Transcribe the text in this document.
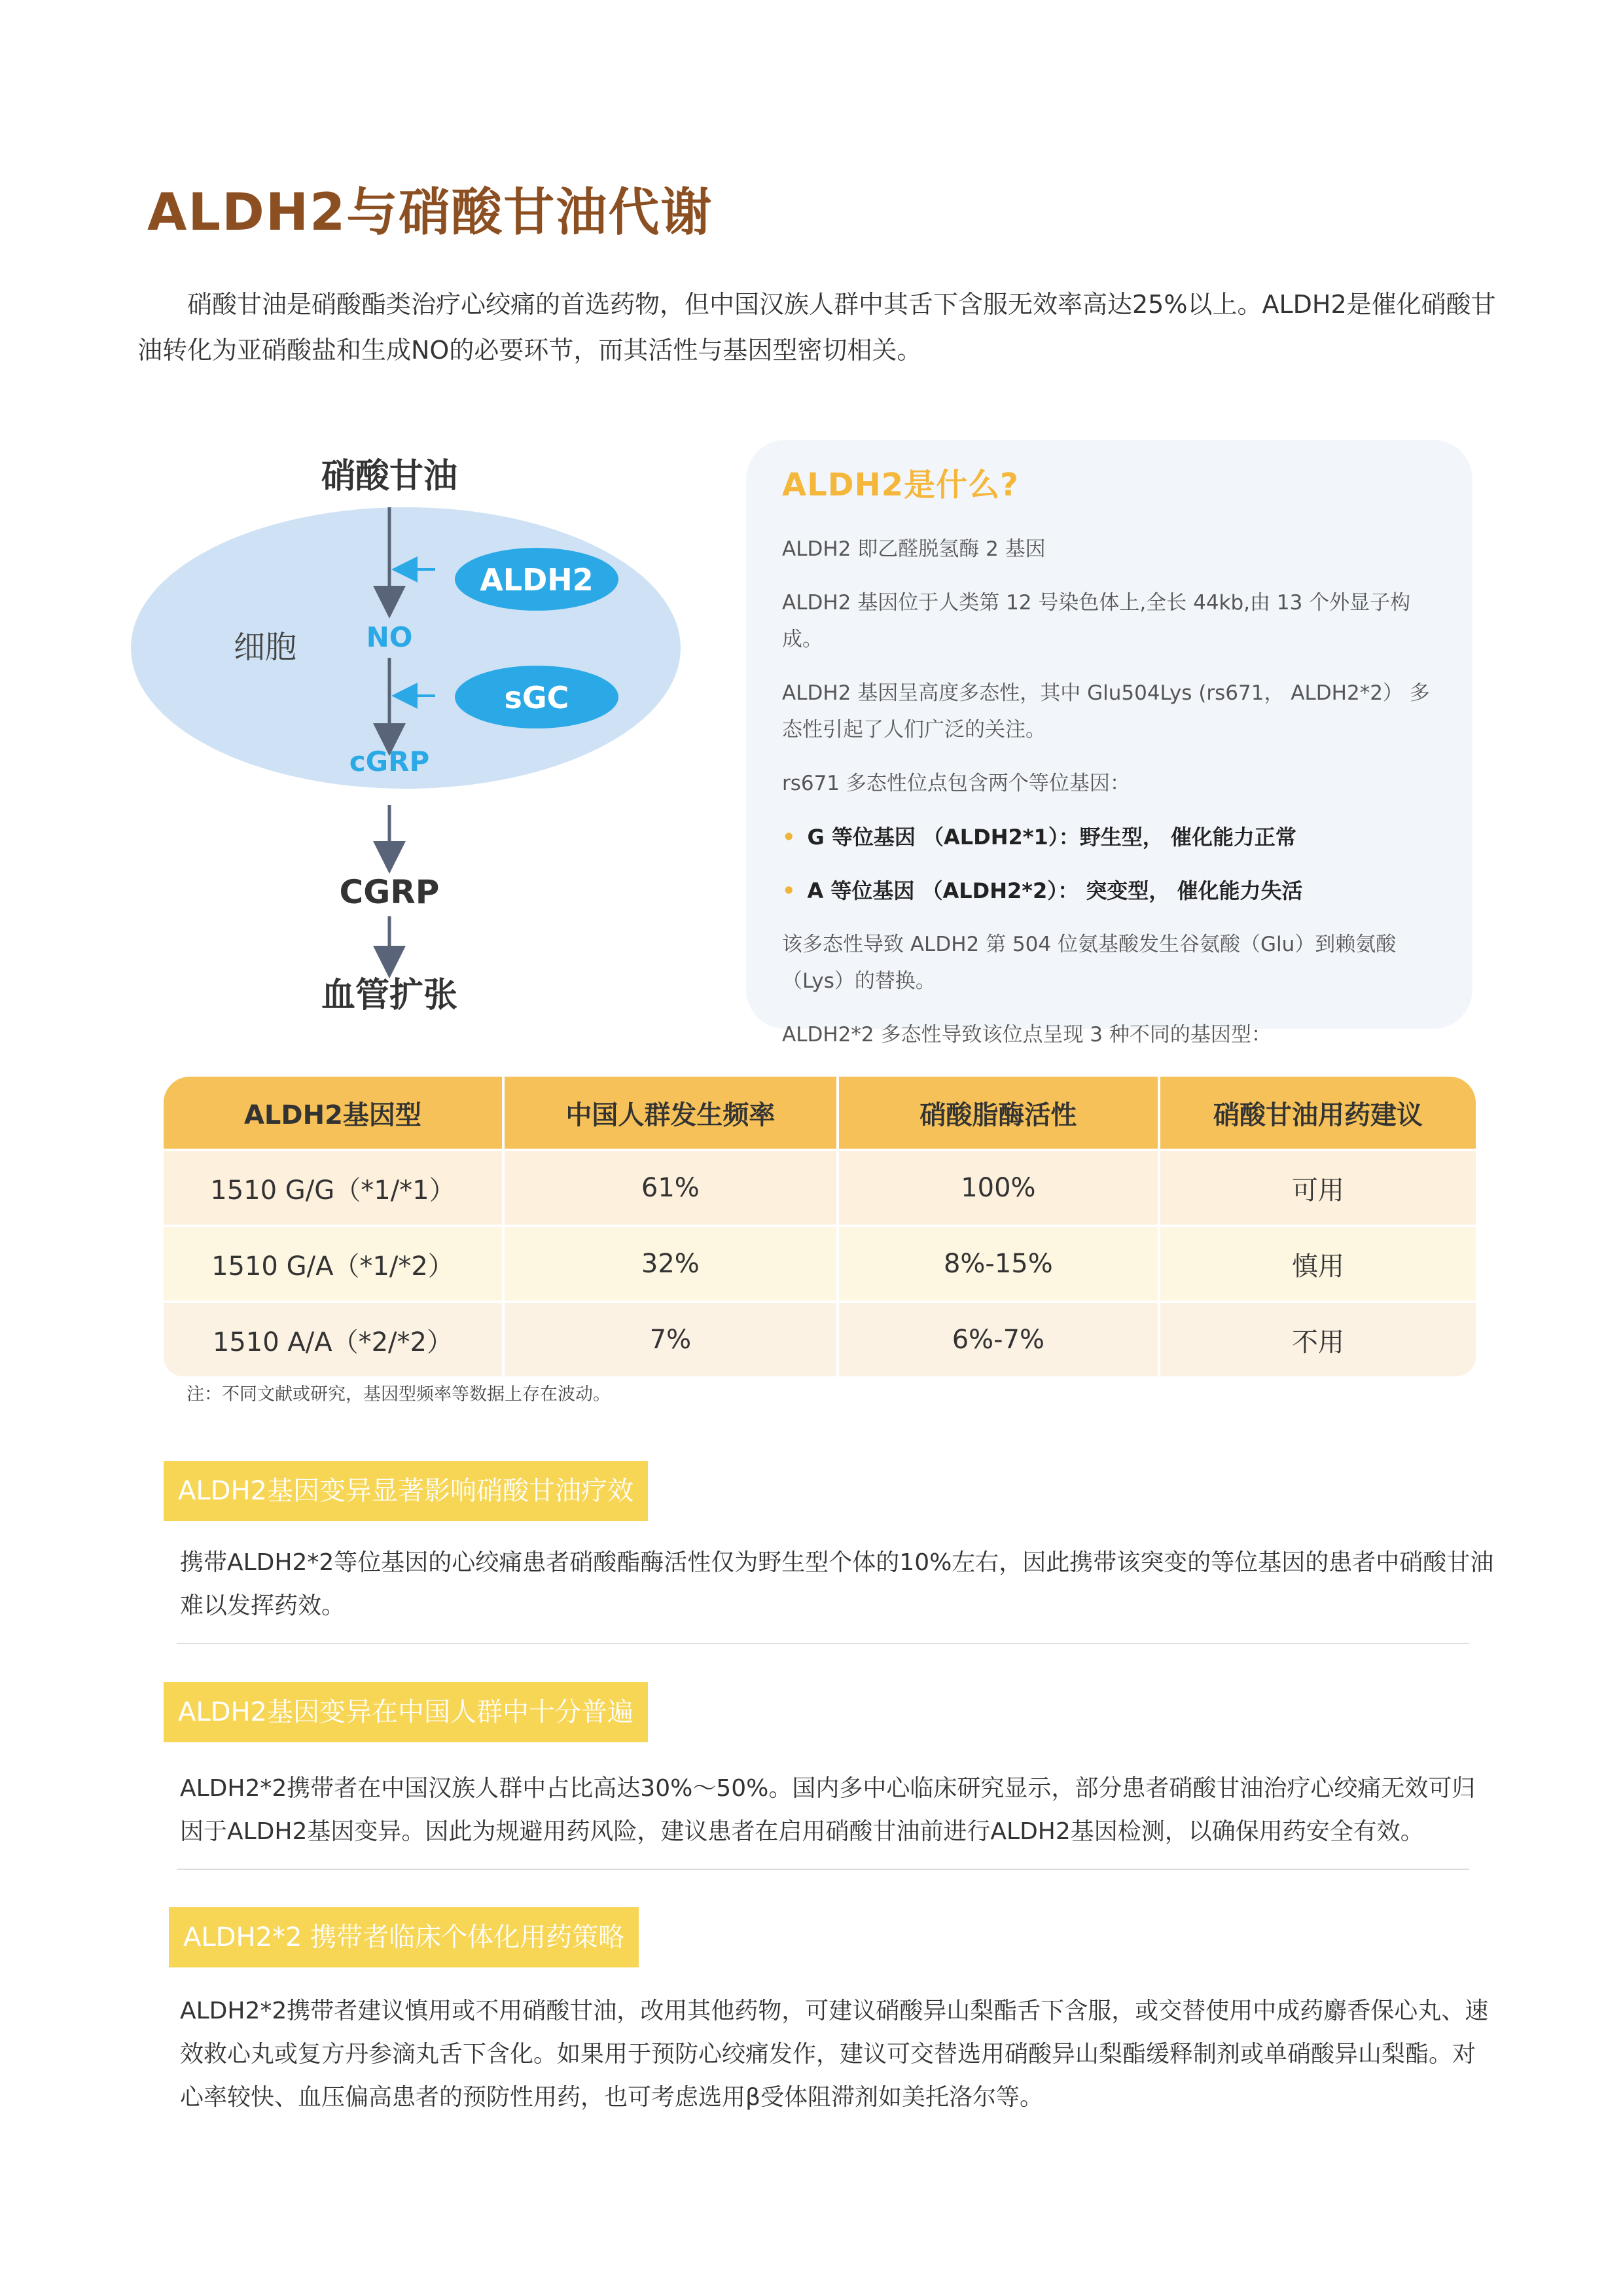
ALDH2与硝酸甘油代谢

硝酸甘油是硝酸酯类治疗心绞痛的首选药物，但中国汉族人群中其舌下含服无效率高达25%以上。ALDH2是催化硝酸甘油转化为亚硝酸盐和生成NO的必要环节，而其活性与基因型密切相关。

硝酸甘油
细胞
ALDH2
NO
sGC
cGRP
CGRP
血管扩张
ALDH2是什么?
ALDH2 即乙醛脱氢酶 2 基因
ALDH2 基因位于人类第 12 号染色体上,全长 44kb,由 13 个外显子构成。
ALDH2 基因呈高度多态性，其中 Glu504Lys (rs671， ALDH2*2） 多态性引起了人们广泛的关注。
rs671 多态性位点包含两个等位基因：
• G 等位基因 （ALDH2*1）：野生型， 催化能力正常
• A 等位基因 （ALDH2*2）： 突变型， 催化能力失活
该多态性导致 ALDH2 第 504 位氨基酸发生谷氨酸（Glu）到赖氨酸（Lys）的替换。
ALDH2*2 多态性导致该位点呈现 3 种不同的基因型：
ALDH2基因型	中国人群发生频率	硝酸脂酶活性	硝酸甘油用药建议
1510 G/G（*1/*1）	61%	100%	可用
1510 G/A（*1/*2）	32%	8%-15%	慎用
1510 A/A（*2/*2）	7%	6%-7%	不用
注：不同文献或研究，基因型频率等数据上存在波动。
ALDH2基因变异显著影响硝酸甘油疗效
携带ALDH2*2等位基因的心绞痛患者硝酸酯酶活性仅为野生型个体的10%左右，因此携带该突变的等位基因的患者中硝酸甘油难以发挥药效。
ALDH2基因变异在中国人群中十分普遍
ALDH2*2携带者在中国汉族人群中占比高达30%～50%。国内多中心临床研究显示，部分患者硝酸甘油治疗心绞痛无效可归因于ALDH2基因变异。因此为规避用药风险，建议患者在启用硝酸甘油前进行ALDH2基因检测，以确保用药安全有效。
ALDH2*2 携带者临床个体化用药策略
ALDH2*2携带者建议慎用或不用硝酸甘油，改用其他药物，可建议硝酸异山梨酯舌下含服，或交替使用中成药麝香保心丸、速效救心丸或复方丹参滴丸舌下含化。如果用于预防心绞痛发作，建议可交替选用硝酸异山梨酯缓释制剂或单硝酸异山梨酯。对心率较快、血压偏高患者的预防性用药，也可考虑选用β受体阻滞剂如美托洛尔等。
